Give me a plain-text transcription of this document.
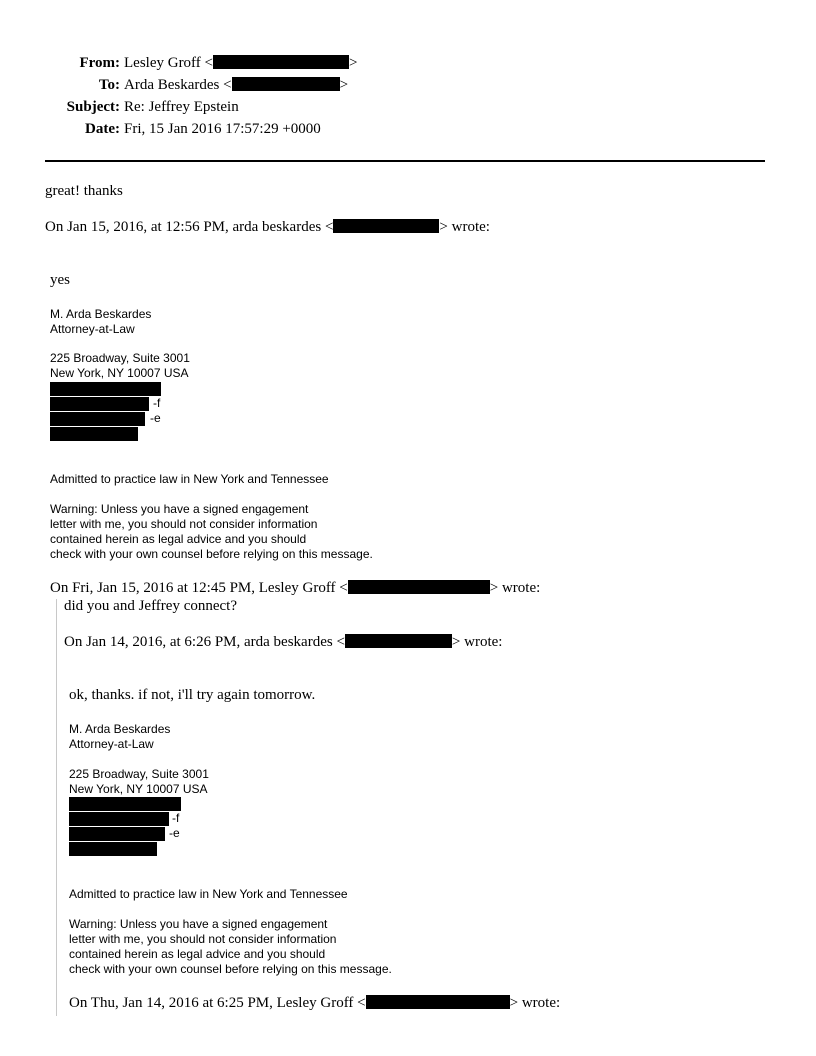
From: Lesley Groff <	>
To: Arda Beskardes <	>
Subject: Re: Jeffrey Epstein
Date: Fri, 15 Jan 2016 17:57:29 +0000
great! thanks
On Jan 15, 2016, at 12:56 PM, arda beskardes <	> wrote:
yes
M. Arda Beskardes
Attorney-at-Law
225 Broadway, Suite 3001
New York, NY 10007 USA
-f
-e
Admitted to practice law in New York and Tennessee
Warning: Unless you have a signed engagement
letter with me, you should not consider information
contained herein as legal advice and you should
check with your own counsel before relying on this message.
On Fri, Jan 15, 2016 at 12:45 PM, Lesley Groff <	> wrote:
did you and Jeffrey connect?
On Jan 14, 2016, at 6:26 PM, arda beskardes <	> wrote:
ok, thanks. if not, i'll try again tomorrow.
M. Arda Beskardes
Attorney-at-Law
225 Broadway, Suite 3001
New York, NY 10007 USA
-f
-e
Admitted to practice law in New York and Tennessee
Warning: Unless you have a signed engagement
letter with me, you should not consider information
contained herein as legal advice and you should
check with your own counsel before relying on this message.
On Thu, Jan 14, 2016 at 6:25 PM, Lesley Groff <	> wrote:
